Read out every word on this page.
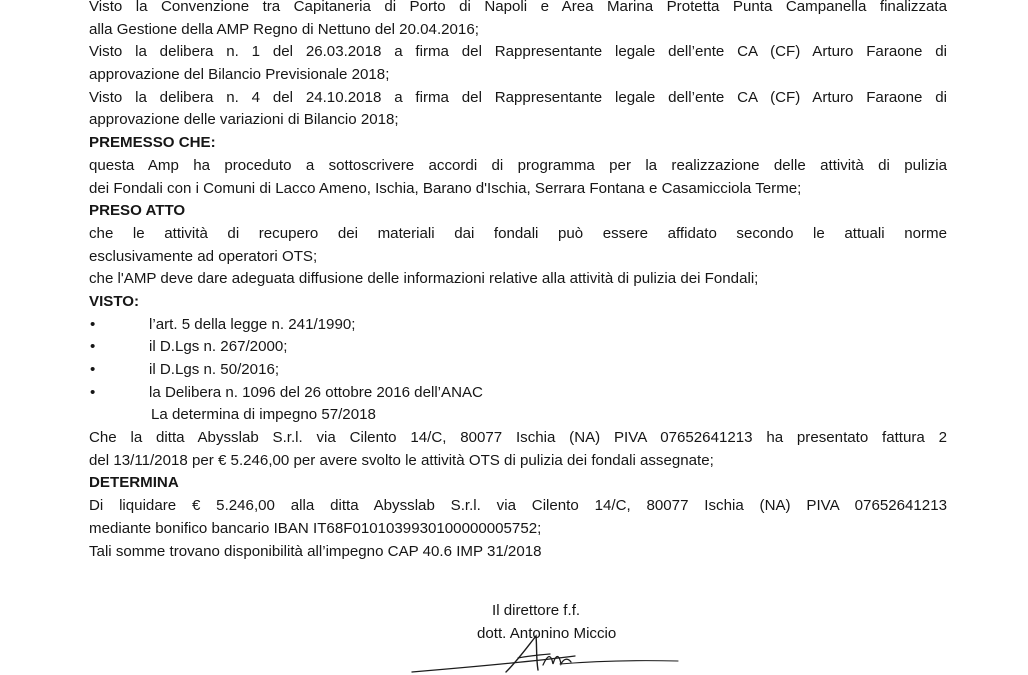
Visto la Convenzione tra Capitaneria di Porto di Napoli e Area Marina Protetta Punta Campanella finalizzata
alla Gestione della AMP Regno di Nettuno del 20.04.2016;
Visto la delibera n. 1 del 26.03.2018 a firma del Rappresentante legale dell’ente CA (CF) Arturo Faraone di
approvazione del Bilancio Previsionale 2018;
Visto la delibera n. 4 del 24.10.2018 a firma del Rappresentante legale dell’ente CA (CF) Arturo Faraone di
approvazione delle variazioni di Bilancio 2018;
PREMESSO CHE:
questa Amp ha proceduto a sottoscrivere accordi di programma per la realizzazione delle attività di pulizia
dei Fondali con i Comuni di Lacco Ameno, Ischia, Barano d'Ischia, Serrara Fontana e Casamicciola Terme;
PRESO ATTO
che le attività di recupero dei materiali dai fondali può essere affidato secondo le attuali norme
esclusivamente ad operatori OTS;
che l'AMP deve dare adeguata diffusione delle informazioni relative alla attività di pulizia dei Fondali;
VISTO:
•	l’art. 5 della legge n. 241/1990;
•	il D.Lgs n. 267/2000;
•	il D.Lgs n. 50/2016;
•	la Delibera n. 1096 del 26 ottobre 2016 dell’ANAC
La determina di impegno 57/2018
Che la ditta Abysslab S.r.l. via Cilento 14/C, 80077 Ischia (NA) PIVA 07652641213 ha presentato fattura 2
del 13/11/2018 per € 5.246,00 per avere svolto le attività OTS di pulizia dei fondali assegnate;
DETERMINA
Di liquidare € 5.246,00 alla ditta Abysslab S.r.l. via Cilento 14/C, 80077 Ischia (NA) PIVA 07652641213
mediante bonifico bancario IBAN IT68F0101039930100000005752;
Tali somme trovano disponibilità all’impegno CAP 40.6 IMP 31/2018
Il direttore f.f.
dott. Antonino Miccio
